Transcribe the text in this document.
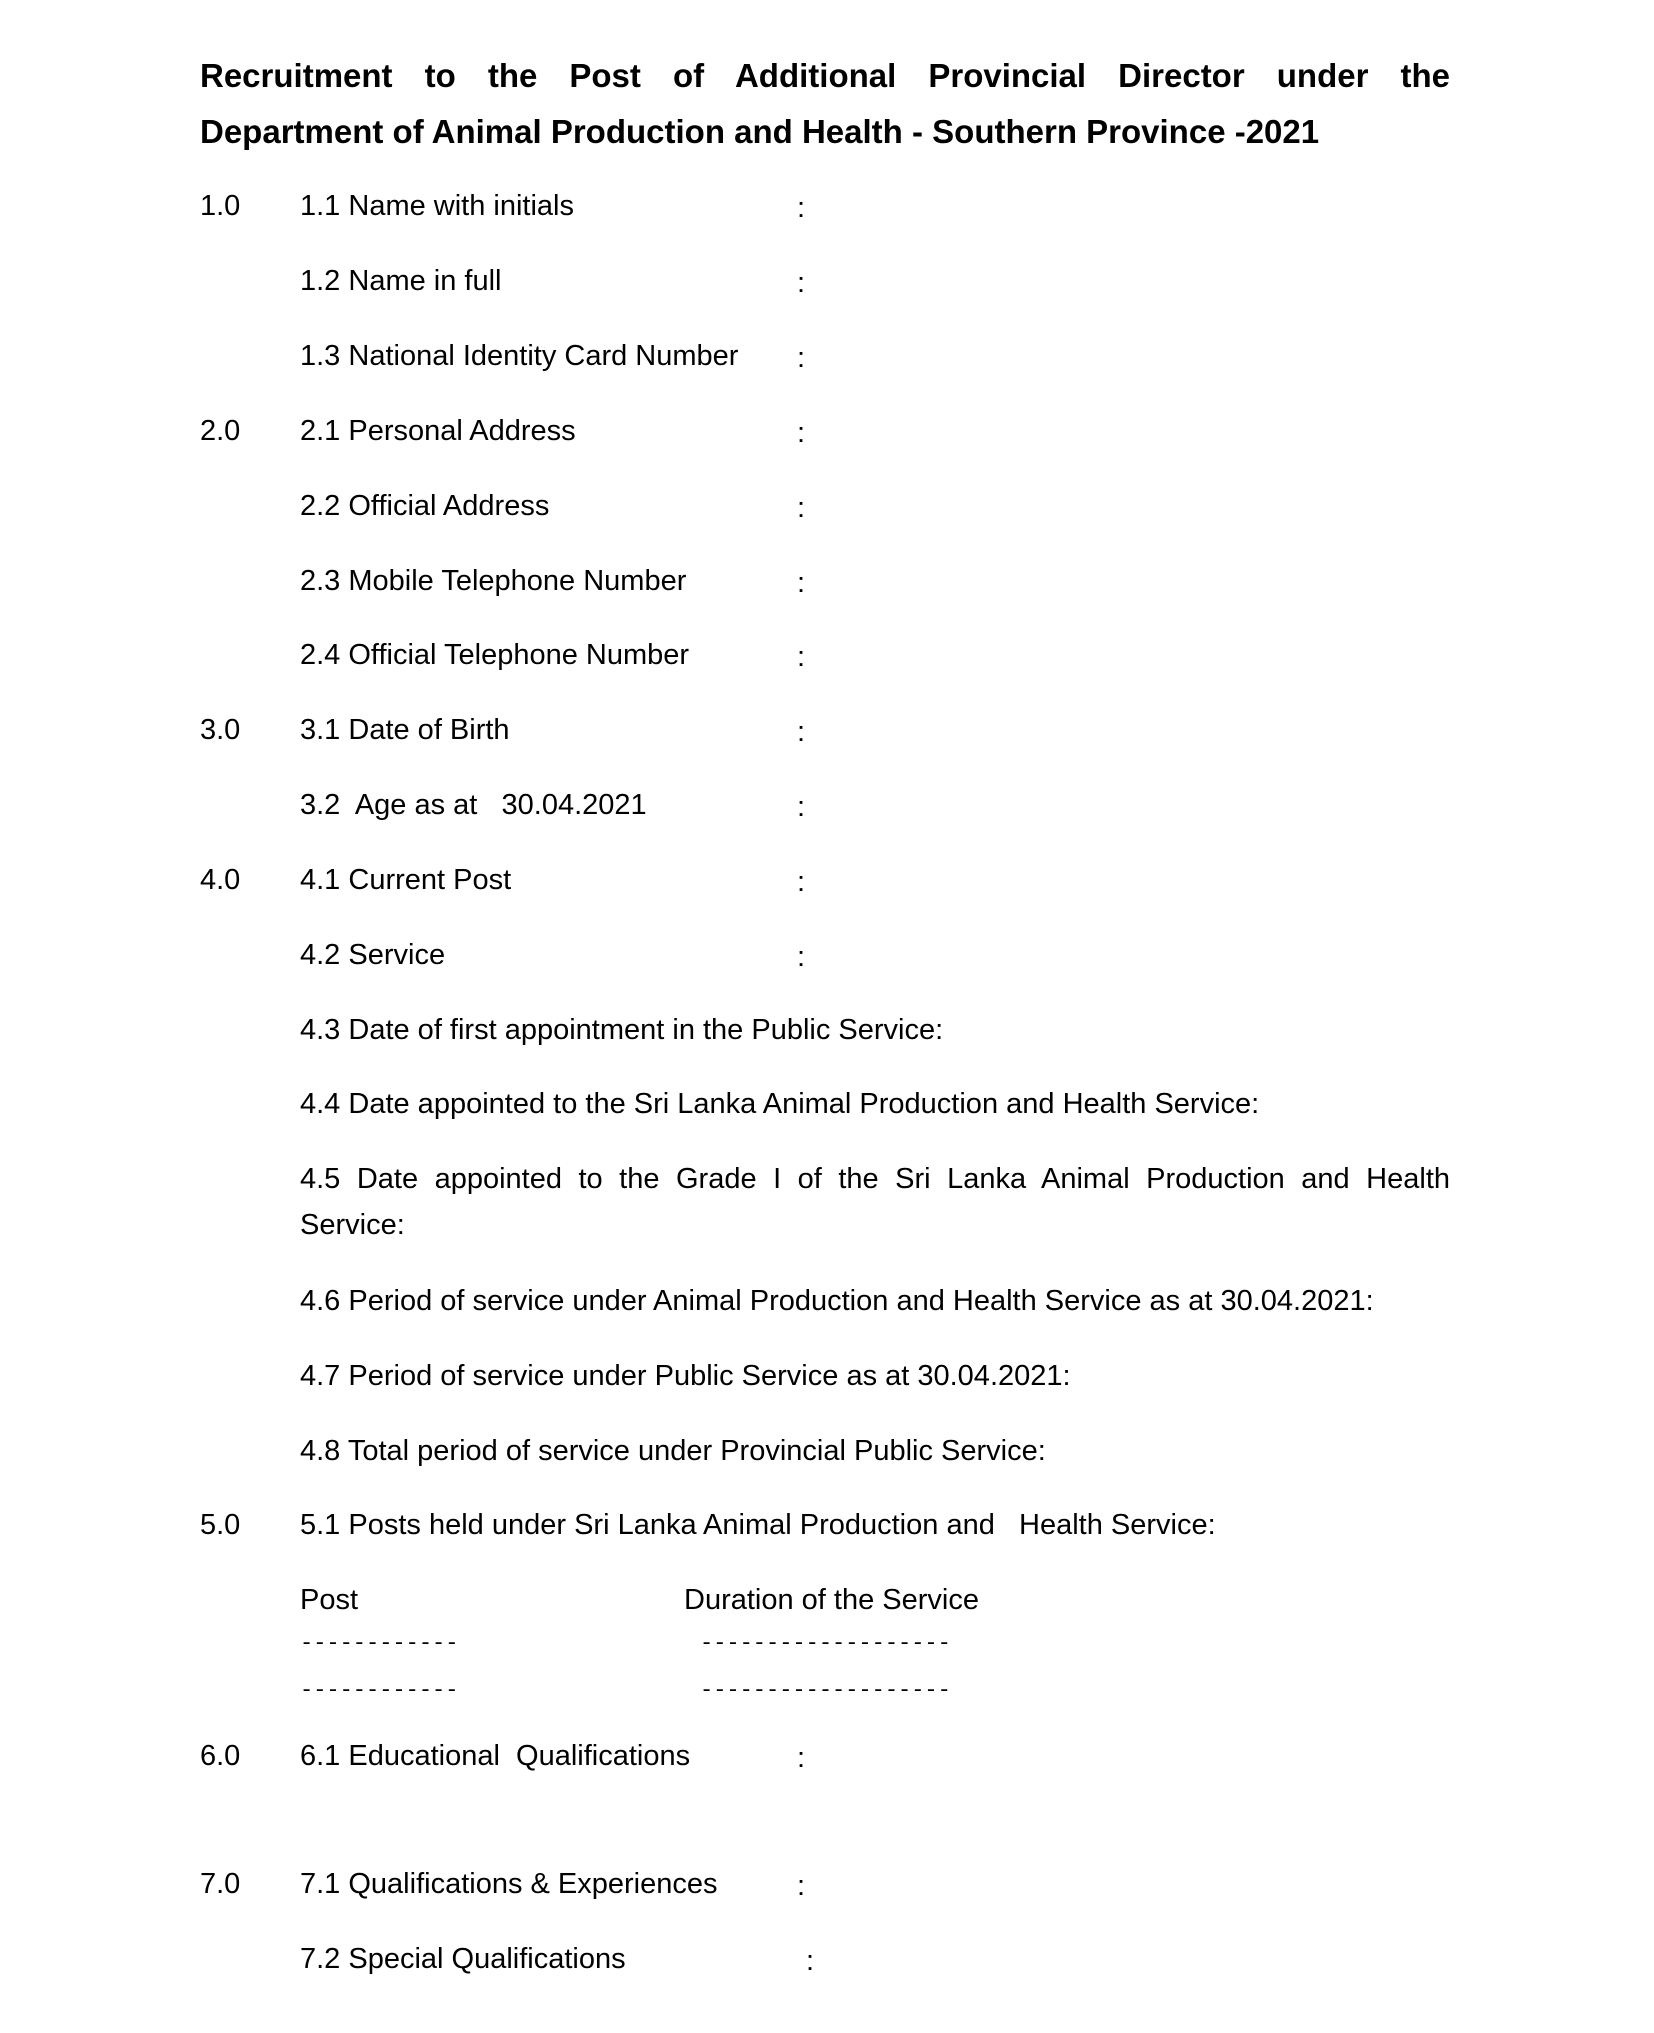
Recruitment to the Post of Additional Provincial Director under the
Department of Animal Production and Health - Southern Province -2021
1.0 1.1 Name with initials	:
1.2 Name in full	:
1.3 National Identity Card Number :
2.0 2.1 Personal Address	:
2.2 Official Address	:
2.3 Mobile Telephone Number	:
2.4 Official Telephone Number	:
3.0 3.1 Date of Birth	:
3.2  Age as at   30.04.2021	:
4.0 4.1 Current Post	:
4.2 Service	:
4.3 Date of first appointment in the Public Service:
4.4 Date appointed to the Sri Lanka Animal Production and Health Service:
4.5 Date appointed to the Grade I of the Sri Lanka Animal Production and Health
Service:
4.6 Period of service under Animal Production and Health Service as at 30.04.2021:
4.7 Period of service under Public Service as at 30.04.2021:
4.8 Total period of service under Provincial Public Service:
5.0 5.1 Posts held under Sri Lanka Animal Production and   Health Service:
Post	Duration of the Service
------------	-------------------
------------	-------------------
6.0 6.1 Educational  Qualifications	:
7.0 7.1 Qualifications & Experiences	:
7.2 Special Qualifications	:
